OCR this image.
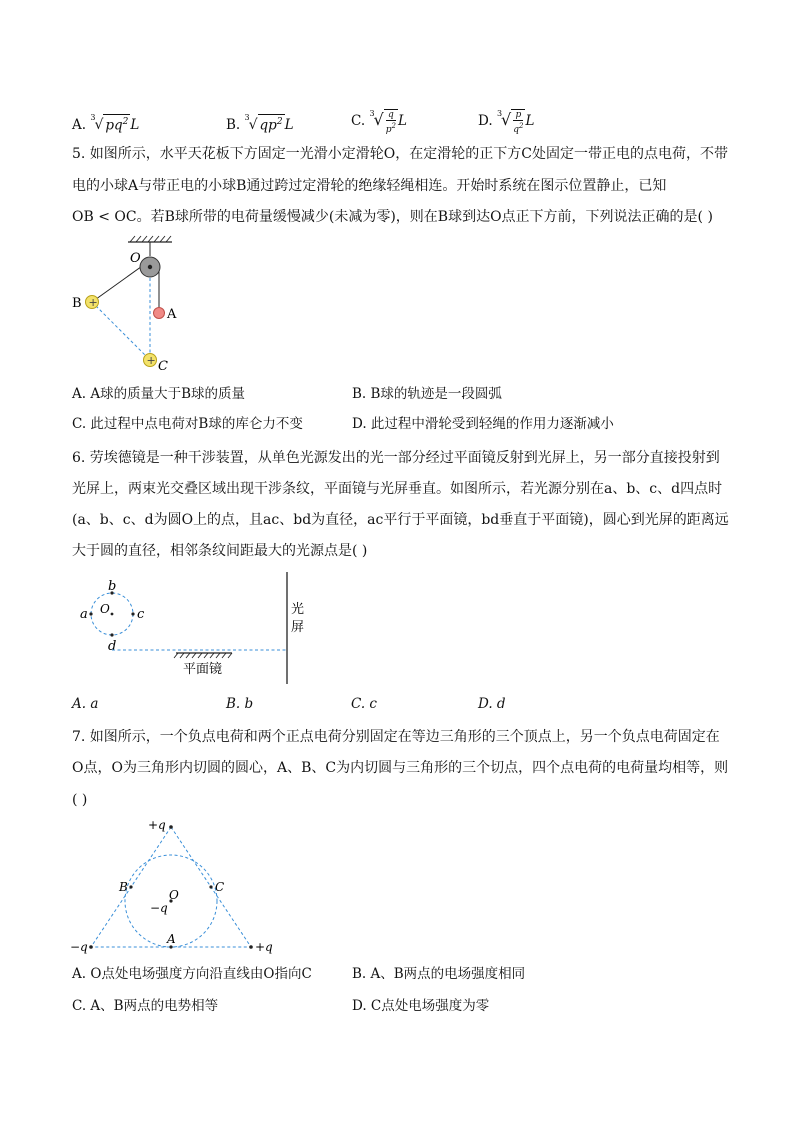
A. $^3$√ $pq^2$ L	B. $^3$√ $qp^2$ L	C. $^3√ \frac{q}{p^2}$ L	D. $^3√ \frac{p}{q^2}$ L
5. 如图所示，水平天花板下方固定一光滑小定滑轮O，在定滑轮的正下方C处固定一带正电的点电荷，不带
电的小球A与带正电的小球B通过跨过定滑轮的绝缘轻绳相连。开始时系统在图示位置静止，已知
OB < OC。若B球所带的电荷量缓慢减少(未减为零)，则在B球到达O点正下方前，下列说法正确的是( )
O
+
B
A
+ C
A. A球的质量大于B球的质量	B. B球的轨迹是一段圆弧
C. 此过程中点电荷对B球的库仑力不变	D. 此过程中滑轮受到轻绳的作用力逐渐减小
6. 劳埃德镜是一种干涉装置，从单色光源发出的光一部分经过平面镜反射到光屏上，另一部分直接投射到
光屏上，两束光交叠区域出现干涉条纹，平面镜与光屏垂直。如图所示，若光源分别在a、b、c、d四点时
(a、b、c、d为圆O上的点，且ac、bd为直径，ac平行于平面镜，bd垂直于平面镜)，圆心到光屏的距离远
大于圆的直径，相邻条纹间距最大的光源点是( )
b
a	c
d
O
平面镜
光
屏
A. a	B. b	C. c	D. d
7. 如图所示，一个负点电荷和两个正点电荷分别固定在等边三角形的三个顶点上，另一个负点电荷固定在
O点，O为三角形内切圆的圆心，A、B、C为内切圆与三角形的三个切点，四个点电荷的电荷量均相等，则
( )
+q
−q	+q
−q
O
A
B	C
A. O点处电场强度方向沿直线由O指向C	B. A、B两点的电场强度相同
C. A、B两点的电势相等	D. C点处电场强度为零
